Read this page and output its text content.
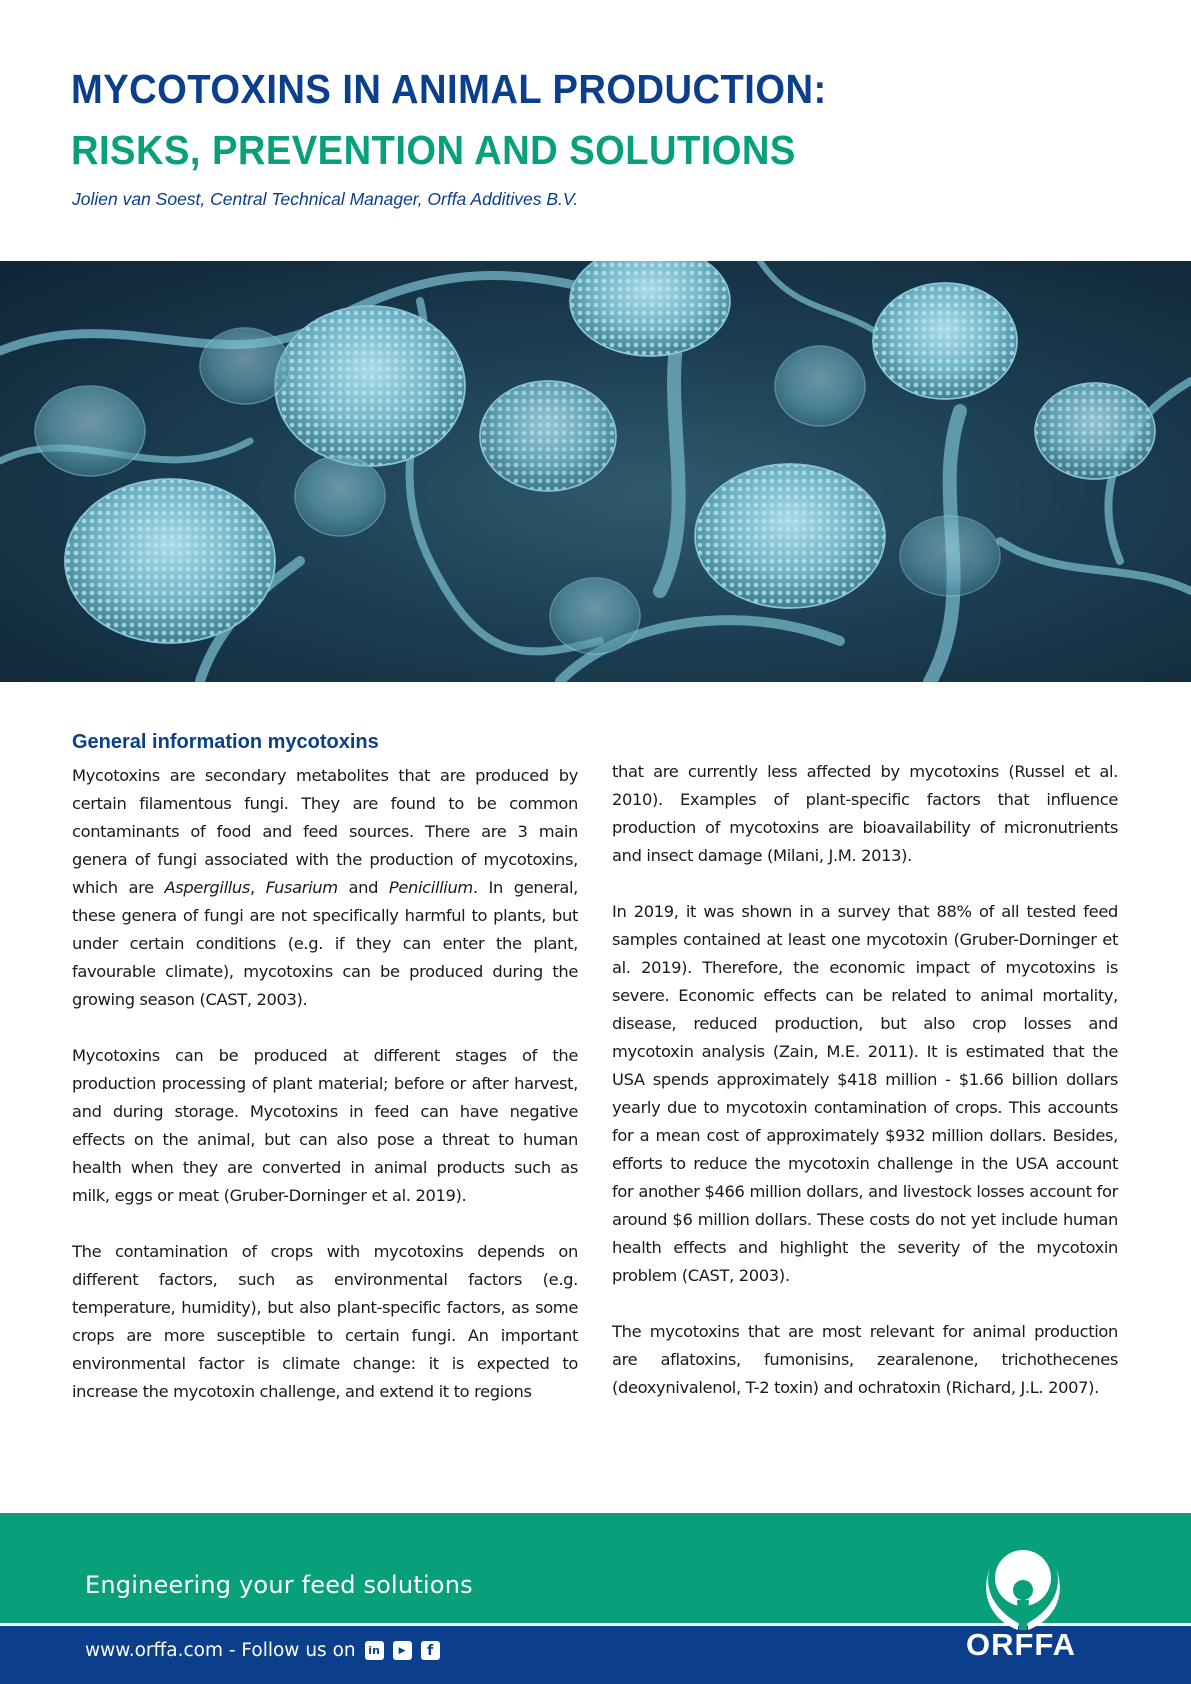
MYCOTOXINS IN ANIMAL PRODUCTION:
RISKS, PREVENTION AND SOLUTIONS

Jolien van Soest, Central Technical Manager, Orffa Additives B.V.

General information mycotoxins

Mycotoxins are secondary metabolites that are produced by certain filamentous fungi. They are found to be common contaminants of food and feed sources. There are 3 main genera of fungi associated with the production of mycotoxins, which are Aspergillus, Fusarium and Penicillium. In general, these genera of fungi are not specifically harmful to plants, but under certain conditions (e.g. if they can enter the plant, favourable climate), mycotoxins can be produced during the growing season (CAST, 2003).

Mycotoxins can be produced at different stages of the production processing of plant material; before or after harvest, and during storage. Mycotoxins in feed can have negative effects on the animal, but can also pose a threat to human health when they are converted in animal products such as milk, eggs or meat (Gruber-Dorninger et al. 2019).

The contamination of crops with mycotoxins depends on different factors, such as environmental factors (e.g. temperature, humidity), but also plant-specific factors, as some crops are more susceptible to certain fungi. An important environmental factor is climate change: it is expected to increase the mycotoxin challenge, and extend it to regions

that are currently less affected by mycotoxins (Russel et al. 2010). Examples of plant-specific factors that influence production of mycotoxins are bioavailability of micronutrients and insect damage (Milani, J.M. 2013).

In 2019, it was shown in a survey that 88% of all tested feed samples contained at least one mycotoxin (Gruber-Dorninger et al. 2019). Therefore, the economic impact of mycotoxins is severe. Economic effects can be related to animal mortality, disease, reduced production, but also crop losses and mycotoxin analysis (Zain, M.E. 2011). It is estimated that the USA spends approximately $418 million - $1.66 billion dollars yearly due to mycotoxin contamination of crops. This accounts for a mean cost of approximately $932 million dollars. Besides, efforts to reduce the mycotoxin challenge in the USA account for another $466 million dollars, and livestock losses account for around $6 million dollars. These costs do not yet include human health effects and highlight the severity of the mycotoxin problem (CAST, 2003).

The mycotoxins that are most relevant for animal production are aflatoxins, fumonisins, zearalenone, trichothecenes (deoxynivalenol, T-2 toxin) and ochratoxin (Richard, J.L. 2007).

Engineering your feed solutions

www.orffa.com - Follow us on	in	▶	f	ORFFA
